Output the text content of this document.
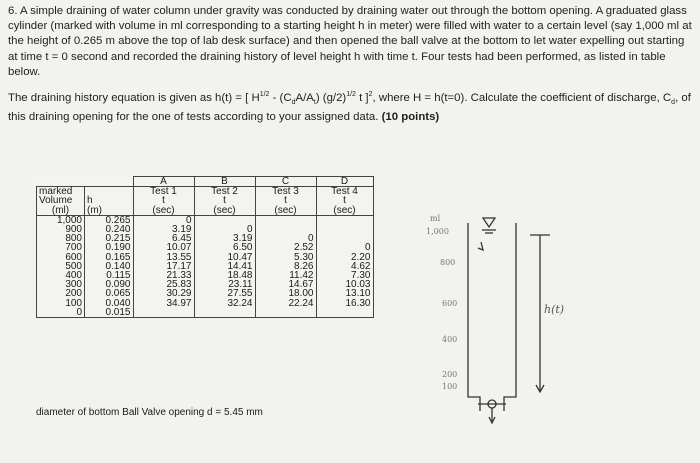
6. A simple draining of water column under gravity was conducted by draining water out through the bottom opening. A graduated glass cylinder (marked with volume in ml corresponding to a starting height h in meter) were filled with water to a certain level (say 1,000 ml at the height of 0.265 m above the top of lab desk surface) and then opened the ball valve at the bottom to let water expelling out starting at time t = 0 second and recorded the draining history of level height h with time t. Four tests had been performed, as listed in table below.

The draining history equation is given as h(t) = [ $H^{1/2} - (C_dA/A_t)$ $(g/2)^{1/2}$ t ]$^2$, where H = h(t=0). Calculate the coefficient of discharge, $C_d$, of this draining opening for the one of tests according to your assigned data. (10 points)

		A	B	C	D
marked		Test 1	Test 2	Test 3	Test 4
Volume	h	t	t	t	t
(ml)	(m)	(sec)	(sec)	(sec)	(sec)
1,000	0.265	0			
900	0.240	3.19	0		
800	0.215	6.45	3.19	0	
700	0.190	10.07	6.50	2.52	0
600	0.165	13.55	10.47	5.30	2.20
500	0.140	17.17	14.41	8.26	4.62
400	0.115	21.33	18.48	11.42	7.30
300	0.090	25.83	23.11	14.67	10.03
200	0.065	30.29	27.55	18.00	13.10
100	0.040	34.97	32.24	22.24	16.30
0	0.015				
diameter of bottom Ball Valve opening d = 5.45 mm
ml
1,000
800
600
400
200
100
h(t)
